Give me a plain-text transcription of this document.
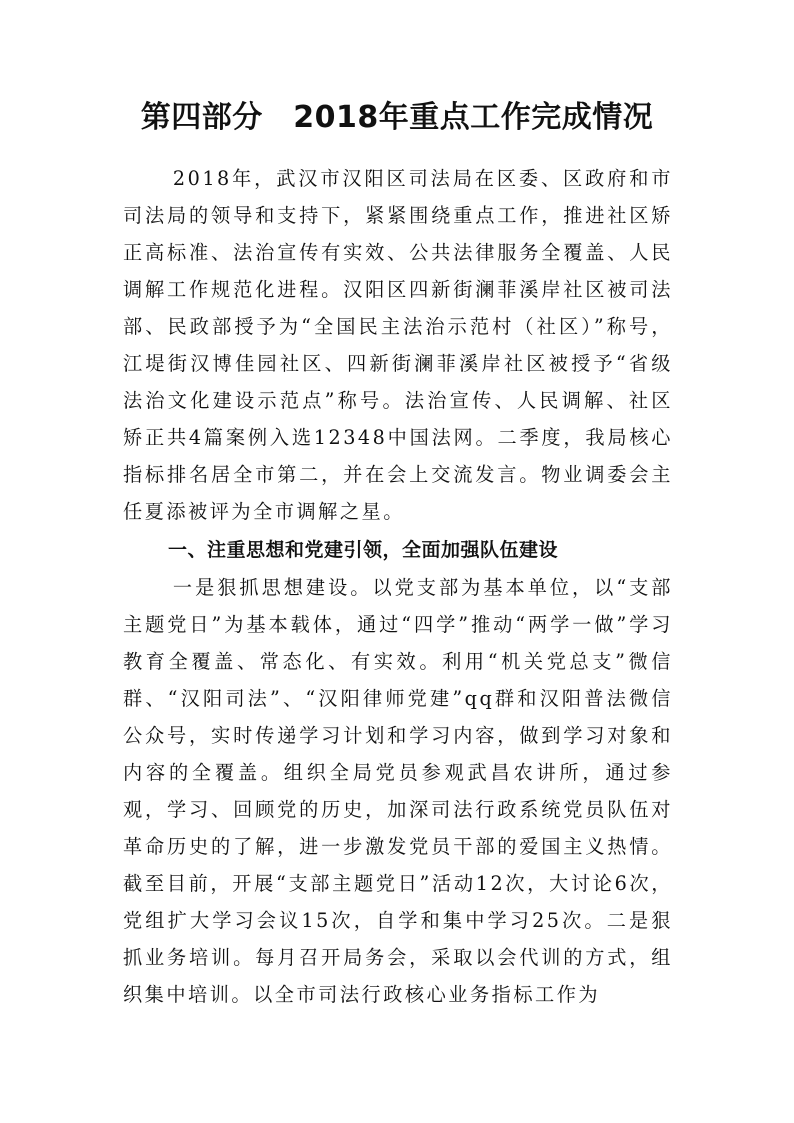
第四部分　2018年重点工作完成情况

2018年，武汉市汉阳区司法局在区委、区政府和市司法局的领导和支持下，紧紧围绕重点工作，推进社区矫正高标准、法治宣传有实效、公共法律服务全覆盖、人民调解工作规范化进程。汉阳区四新街澜菲溪岸社区被司法部、民政部授予为“全国民主法治示范村（社区）”称号，江堤街汉博佳园社区、四新街澜菲溪岸社区被授予“省级法治文化建设示范点”称号。法治宣传、人民调解、社区矫正共4篇案例入选12348中国法网。二季度，我局核心指标排名居全市第二，并在会上交流发言。物业调委会主任夏添被评为全市调解之星。

一、注重思想和党建引领，全面加强队伍建设

一是狠抓思想建设。以党支部为基本单位，以“支部主题党日”为基本载体，通过“四学”推动“两学一做”学习教育全覆盖、常态化、有实效。利用“机关党总支”微信群、“汉阳司法”、“汉阳律师党建”qq群和汉阳普法微信公众号，实时传递学习计划和学习内容，做到学习对象和内容的全覆盖。组织全局党员参观武昌农讲所，通过参观，学习、回顾党的历史，加深司法行政系统党员队伍对革命历史的了解，进一步激发党员干部的爱国主义热情。截至目前，开展“支部主题党日”活动12次，大讨论6次，党组扩大学习会议15次，自学和集中学习25次。二是狠抓业务培训。每月召开局务会，采取以会代训的方式，组织集中培训。以全市司法行政核心业务指标工作为
